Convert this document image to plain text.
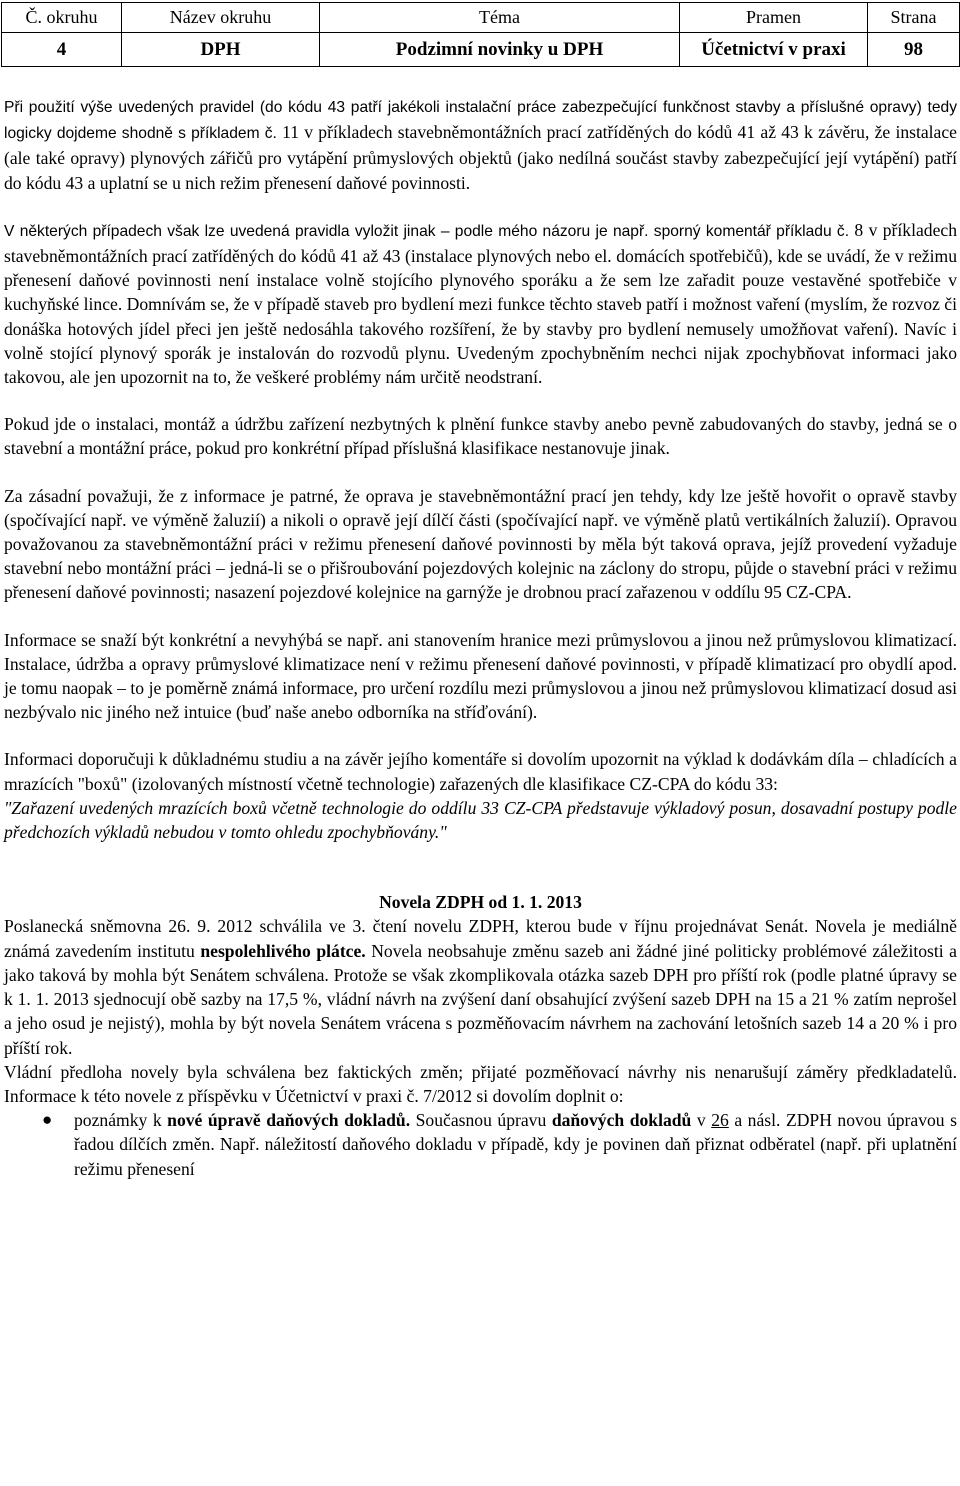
Č. okruhu	Název okruhu	Téma	Pramen	Strana
4	DPH	Podzimní novinky u DPH	Účetnictví v praxi	98

Při použití výše uvedených pravidel (do kódu 43 patří jakékoli instalační práce zabezpečující funkčnost stavby a příslušné opravy) tedy logicky dojdeme shodně s příkladem č. 11 v příkladech stavebněmontážních prací zatříděných do kódů 41 až 43 k závěru, že instalace (ale také opravy) plynových zářičů pro vytápění průmyslových objektů (jako nedílná součást stavby zabezpečující její vytápění) patří do kódu 43 a uplatní se u nich režim přenesení daňové povinnosti.

V některých případech však lze uvedená pravidla vyložit jinak – podle mého názoru je např. sporný komentář příkladu č. 8 v příkladech stavebněmontážních prací zatříděných do kódů 41 až 43 (instalace plynových nebo el. domácích spotřebičů), kde se uvádí, že v režimu přenesení daňové povinnosti není instalace volně stojícího plynového sporáku a že sem lze zařadit pouze vestavěné spotřebiče v kuchyňské lince. Domnívám se, že v případě staveb pro bydlení mezi funkce těchto staveb patří i možnost vaření (myslím, že rozvoz či donáška hotových jídel přeci jen ještě nedosáhla takového rozšíření, že by stavby pro bydlení nemusely umožňovat vaření). Navíc i volně stojící plynový sporák je instalován do rozvodů plynu. Uvedeným zpochybněním nechci nijak zpochybňovat informaci jako takovou, ale jen upozornit na to, že veškeré problémy nám určitě neodstraní.

Pokud jde o instalaci, montáž a údržbu zařízení nezbytných k plnění funkce stavby anebo pevně zabudovaných do stavby, jedná se o stavební a montážní práce, pokud pro konkrétní případ příslušná klasifikace nestanovuje jinak.

Za zásadní považuji, že z informace je patrné, že oprava je stavebněmontážní prací jen tehdy, kdy lze ještě hovořit o opravě stavby (spočívající např. ve výměně žaluzií) a nikoli o opravě její dílčí části (spočívající např. ve výměně platů vertikálních žaluzií). Opravou považovanou za stavebněmontážní práci v režimu přenesení daňové povinnosti by měla být taková oprava, jejíž provedení vyžaduje stavební nebo montážní práci – jedná-li se o přišroubování pojezdových kolejnic na záclony do stropu, půjde o stavební práci v režimu přenesení daňové povinnosti; nasazení pojezdové kolejnice na garnýže je drobnou prací zařazenou v oddílu 95 CZ-CPA.

Informace se snaží být konkrétní a nevyhýbá se např. ani stanovením hranice mezi průmyslovou a jinou než průmyslovou klimatizací. Instalace, údržba a opravy průmyslové klimatizace není v režimu přenesení daňové povinnosti, v případě klimatizací pro obydlí apod. je tomu naopak – to je poměrně známá informace, pro určení rozdílu mezi průmyslovou a jinou než průmyslovou klimatizací dosud asi nezbývalo nic jiného než intuice (buď naše anebo odborníka na stříďování).

Informaci doporučuji k důkladnému studiu a na závěr jejího komentáře si dovolím upozornit na výklad k dodávkám díla – chladících a mrazících "boxů" (izolovaných místností včetně technologie) zařazených dle klasifikace CZ-CPA do kódu 33:

"Zařazení uvedených mrazících boxů včetně technologie do oddílu 33 CZ-CPA představuje výkladový posun, dosavadní postupy podle předchozích výkladů nebudou v tomto ohledu zpochybňovány."

Novela ZDPH od 1. 1. 2013

Poslanecká sněmovna 26. 9. 2012 schválila ve 3. čtení novelu ZDPH, kterou bude v říjnu projednávat Senát. Novela je mediálně známá zavedením institutu nespolehlivého plátce. Novela neobsahuje změnu sazeb ani žádné jiné politicky problémové záležitosti a jako taková by mohla být Senátem schválena. Protože se však zkomplikovala otázka sazeb DPH pro příští rok (podle platné úpravy se k 1. 1. 2013 sjednocují obě sazby na 17,5 %, vládní návrh na zvýšení daní obsahující zvýšení sazeb DPH na 15 a 21 % zatím neprošel a jeho osud je nejistý), mohla by být novela Senátem vrácena s pozměňovacím návrhem na zachování letošních sazeb 14 a 20 % i pro příští rok.

Vládní předloha novely byla schválena bez faktických změn; přijaté pozměňovací návrhy nis nenarušují záměry předkladatelů. Informace k této novele z příspěvku v Účetnictví v praxi č. 7/2012 si dovolím doplnit o:

● poznámky k nové úpravě daňových dokladů. Současnou úpravu daňových dokladů v 26 a násl. ZDPH novou úpravou s řadou dílčích změn. Např. náležitostí daňového dokladu v případě, kdy je povinen daň přiznat odběratel (např. při uplatnění režimu přenesení
